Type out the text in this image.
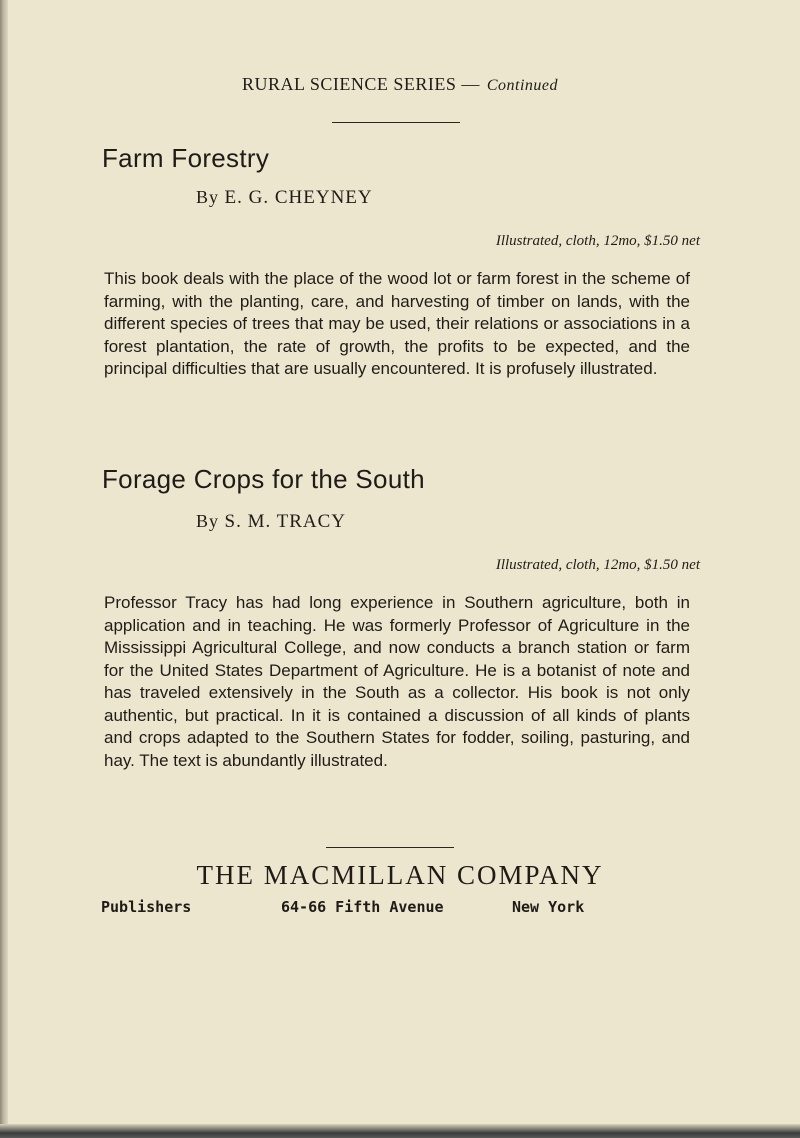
RURAL SCIENCE SERIES — Continued
Farm Forestry
By E. G. CHEYNEY
Illustrated, cloth, 12mo, $1.50 net
This book deals with the place of the wood lot or farm forest in the scheme of farming, with the planting, care, and harvesting of timber on lands, with the different species of trees that may be used, their relations or associations in a forest plantation, the rate of growth, the profits to be expected, and the principal difficulties that are usually encountered. It is profusely illustrated.
Forage Crops for the South
By S. M. TRACY
Illustrated, cloth, 12mo, $1.50 net
Professor Tracy has had long experience in Southern agriculture, both in application and in teaching. He was formerly Professor of Agriculture in the Mississippi Agricultural College, and now conducts a branch station or farm for the United States Department of Agriculture. He is a botanist of note and has traveled extensively in the South as a collector. His book is not only authentic, but practical. In it is contained a discussion of all kinds of plants and crops adapted to the Southern States for fodder, soiling, pasturing, and hay. The text is abundantly illustrated.
THE MACMILLAN COMPANY
Publishers	64-66 Fifth Avenue	New York
